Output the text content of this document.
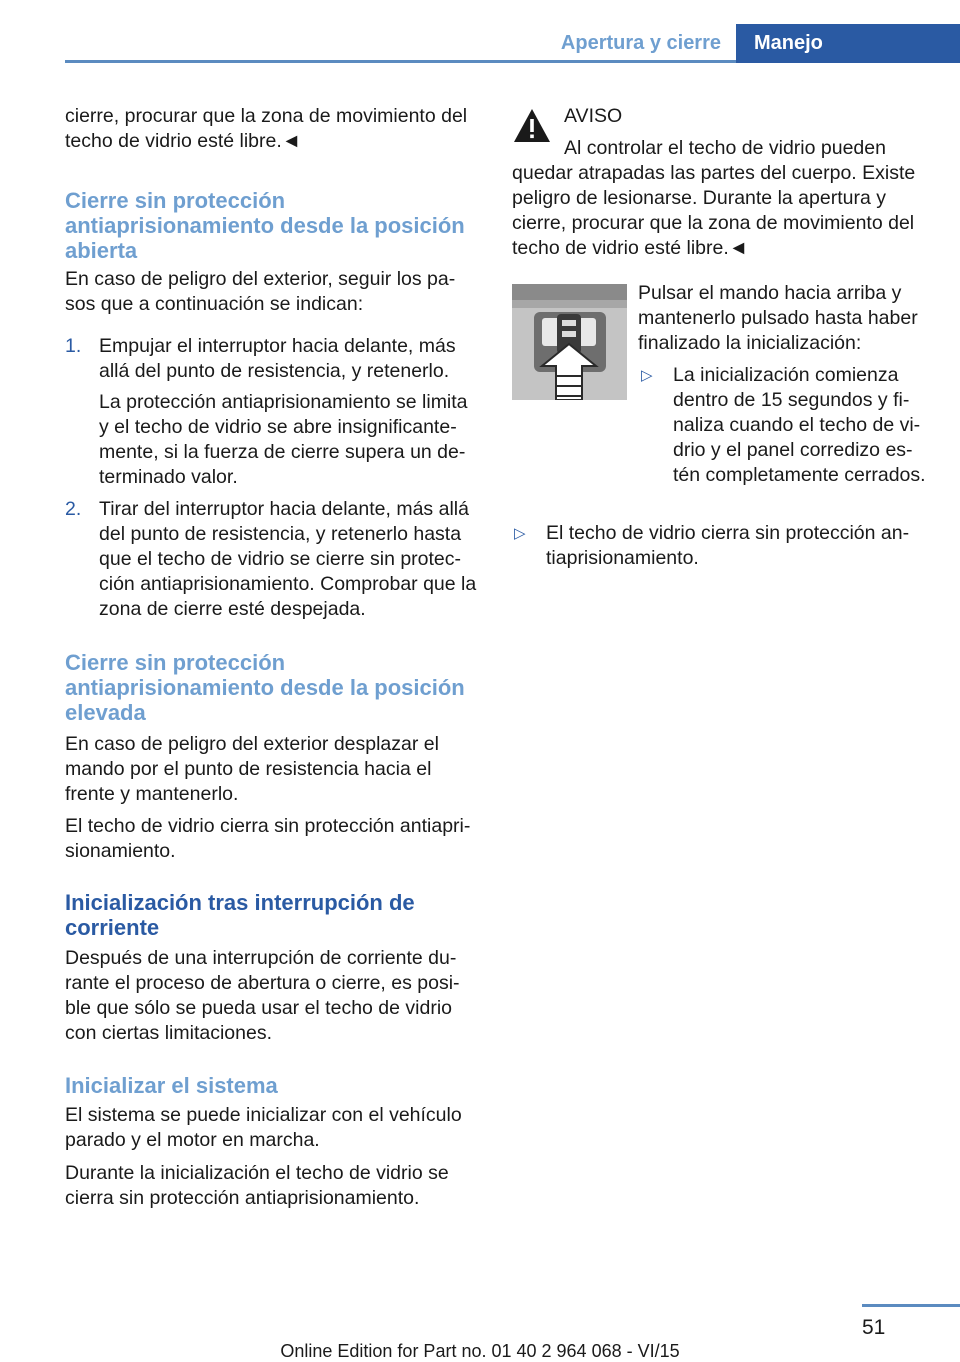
Apertura y cierre	Manejo

cierre, procurar que la zona de movimiento del techo de vidrio esté libre.◄

Cierre sin protección antiaprisionamiento desde la posición abierta

En caso de peligro del exterior, seguir los pa‐sos que a continuación se indican:

1. Empujar el interruptor hacia delante, más allá del punto de resistencia, y retenerlo.

La protección antiaprisionamiento se limita y el techo de vidrio se abre insignificante‐mente, si la fuerza de cierre supera un de‐terminado valor.

2. Tirar del interruptor hacia delante, más allá del punto de resistencia, y retenerlo hasta que el techo de vidrio se cierre sin protec‐ción antiaprisionamiento. Comprobar que la zona de cierre esté despejada.

Cierre sin protección antiaprisionamiento desde la posición elevada

En caso de peligro del exterior desplazar el mando por el punto de resistencia hacia el frente y mantenerlo.

El techo de vidrio cierra sin protección antiapri‐sionamiento.

Inicialización tras interrupción de corriente

Después de una interrupción de corriente du‐rante el proceso de abertura o cierre, es posi‐ble que sólo se pueda usar el techo de vidrio con ciertas limitaciones.

Inicializar el sistema

El sistema se puede inicializar con el vehículo parado y el motor en marcha.

Durante la inicialización el techo de vidrio se cierra sin protección antiaprisionamiento.

AVISO

Al controlar el techo de vidrio pueden quedar atrapadas las partes del cuerpo. Existe peligro de lesionarse. Durante la apertura y cierre, procurar que la zona de movimiento del techo de vidrio esté libre.◄

Pulsar el mando hacia arriba y mantenerlo pulsado hasta haber finalizado la inicialización:

▷ La inicialización comienza dentro de 15 segundos y fi‐naliza cuando el techo de vi‐drio y el panel corredizo es‐tén completamente cerrados.

▷ El techo de vidrio cierra sin protección an‐tiaprisionamiento.

51
Online Edition for Part no. 01 40 2 964 068 - VI/15
